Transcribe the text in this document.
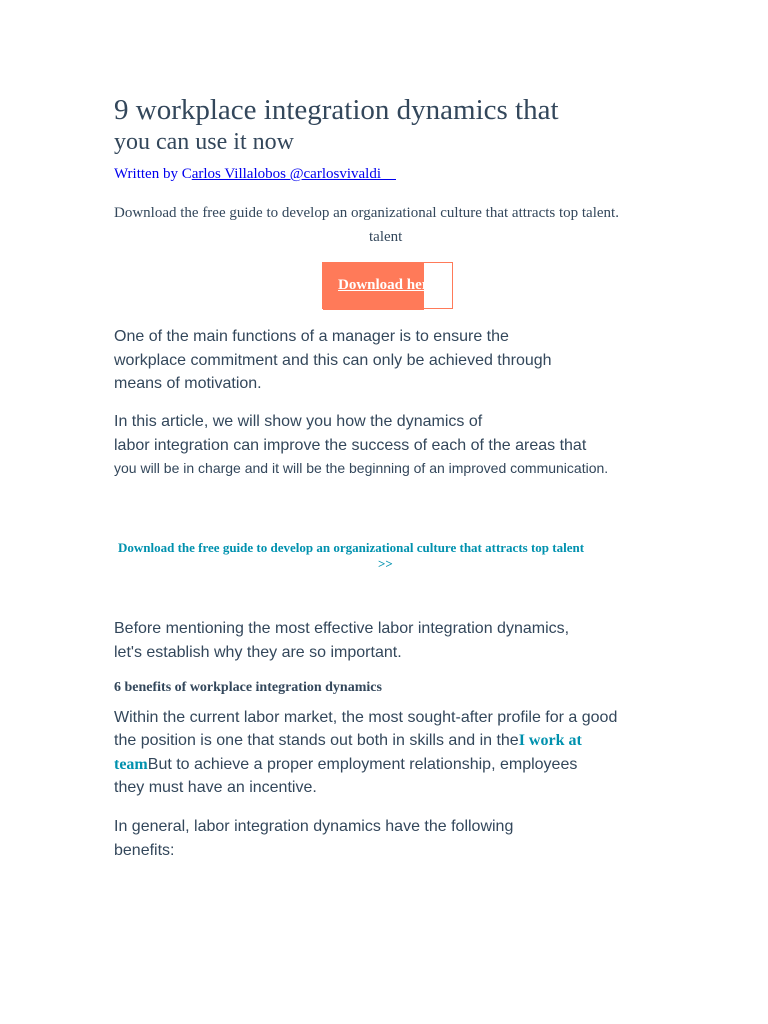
9 workplace integration dynamics that
you can use it now
Written by Carlos Villalobos @carlosvivaldi
Download the free guide to develop an organizational culture that attracts top talent.
talent
Download here
One of the main functions of a manager is to ensure the
workplace commitment and this can only be achieved through
means of motivation.
In this article, we will show you how the dynamics of
labor integration can improve the success of each of the areas that
you will be in charge and it will be the beginning of an improved communication.
Download the free guide to develop an organizational culture that attracts top talent
>>
Before mentioning the most effective labor integration dynamics,
let's establish why they are so important.
6 benefits of workplace integration dynamics
Within the current labor market, the most sought-after profile for a good
the position is one that stands out both in skills and in theI work at
teamBut to achieve a proper employment relationship, employees
they must have an incentive.
In general, labor integration dynamics have the following
benefits:
